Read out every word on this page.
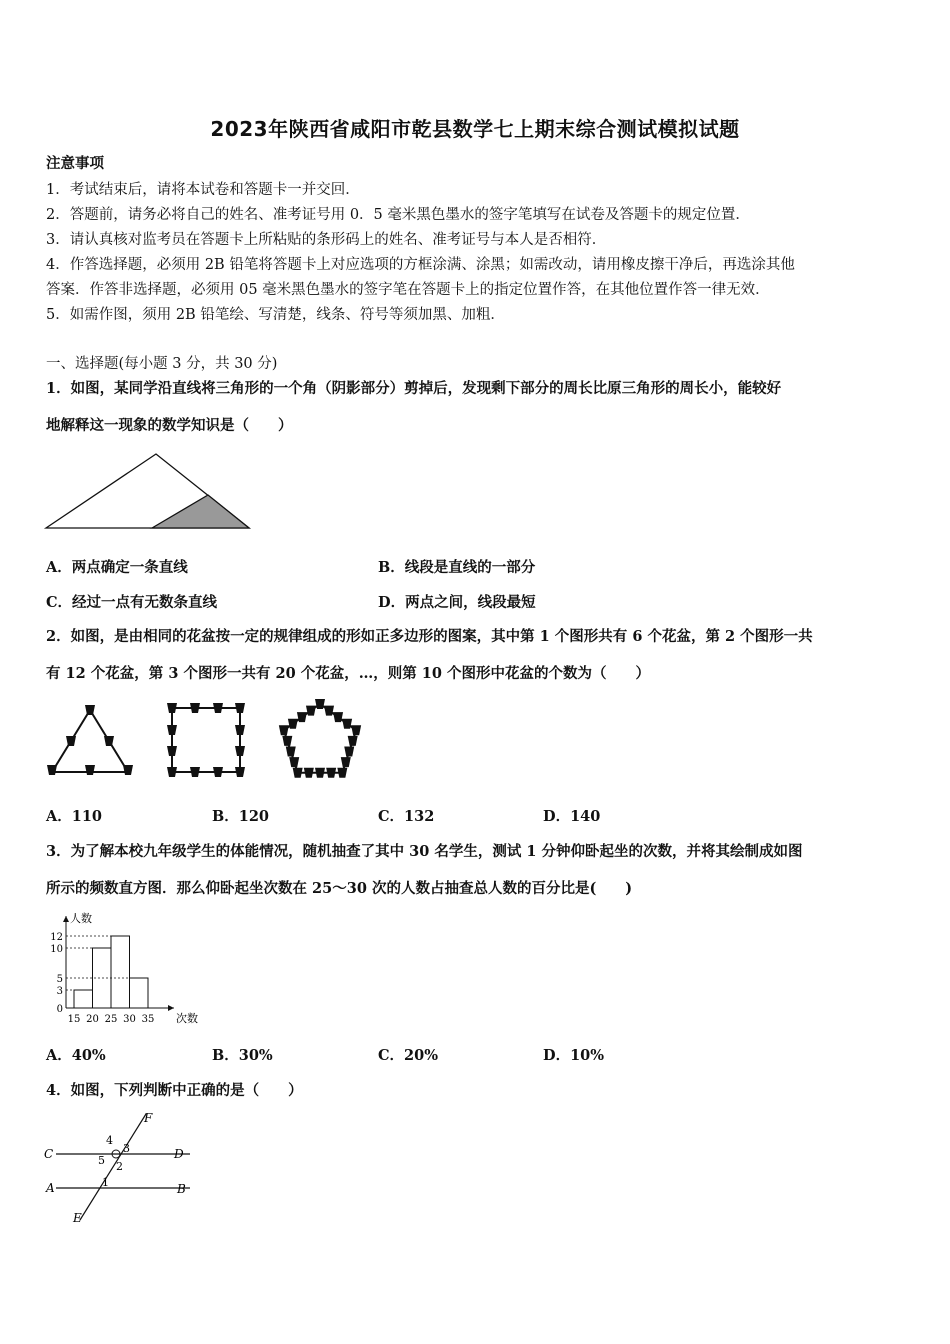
2023年陕西省咸阳市乾县数学七上期末综合测试模拟试题
注意事项
1．考试结束后，请将本试卷和答题卡一并交回．
2．答题前，请务必将自己的姓名、准考证号用 0．5 毫米黑色墨水的签字笔填写在试卷及答题卡的规定位置．
3．请认真核对监考员在答题卡上所粘贴的条形码上的姓名、准考证号与本人是否相符．
4．作答选择题，必须用 2B 铅笔将答题卡上对应选项的方框涂满、涂黑；如需改动，请用橡皮擦干净后，再选涂其他
答案．作答非选择题，必须用 05 毫米黑色墨水的签字笔在答题卡上的指定位置作答，在其他位置作答一律无效．
5．如需作图，须用 2B 铅笔绘、写清楚，线条、符号等须加黑、加粗．
一、选择题(每小题 3 分，共 30 分)
1．如图，某同学沿直线将三角形的一个角（阴影部分）剪掉后，发现剩下部分的周长比原三角形的周长小，能较好
地解释这一现象的数学知识是（　　）
A．两点确定一条直线	B．线段是直线的一部分
C．经过一点有无数条直线	D．两点之间，线段最短
2．如图，是由相同的花盆按一定的规律组成的形如正多边形的图案，其中第 1 个图形共有 6 个花盆，第 2 个图形一共
有 12 个花盆，第 3 个图形一共有 20 个花盆，…，则第 10 个图形中花盆的个数为（　　）
A．110	B．120	C．132	D．140
3．为了解本校九年级学生的体能情况，随机抽查了其中 30 名学生，测试 1 分钟仰卧起坐的次数，并将其绘制成如图
所示的频数直方图．那么仰卧起坐次数在 25～30 次的人数占抽查总人数的百分比是(　　)
人数
次数
0
3
5
10
12
15 20 25 30 35
A．40%	B．30%	C．20%	D．10%
4．如图，下列判断中正确的是（　　）
F
C	D
A	B
E
1
2
3
4
5
